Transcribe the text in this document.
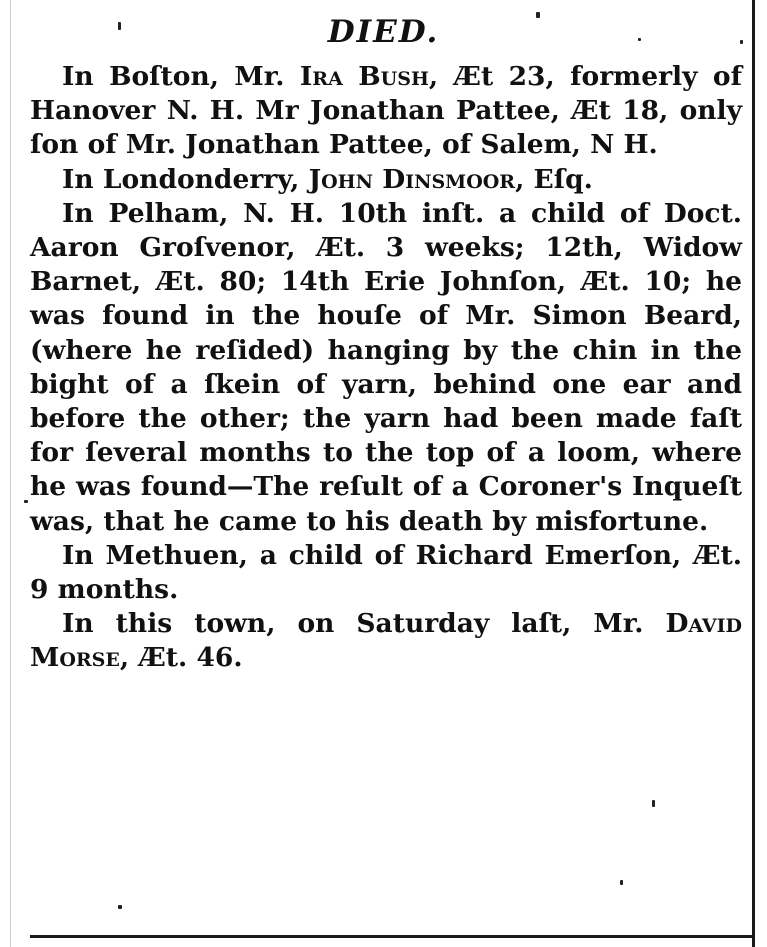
DIED.

In Boſton, Mr. Ira Bush, Æt 23, formerly of Hanover N. H. Mr Jonathan Pattee, Æt 18, only ſon of Mr. Jonathan Pattee, of Salem, N H.

In Londonderry, John Dinsmoor, Eſq.

In Pelham, N. H. 10th inſt. a child of Doct. Aaron Groſvenor, Æt. 3 weeks; 12th, Widow Barnet, Æt. 80; 14th Erie Johnſon, Æt. 10; he was found in the houſe of Mr. Simon Beard, (where he reſided) hanging by the chin in the bight of a ſkein of yarn, behind one ear and before the other; the yarn had been made faſt for ſeveral months to the top of a loom, where he was found—The reſult of a Coroner's Inqueſt was, that he came to his death by misfortune.

In Methuen, a child of Richard Emerſon, Æt. 9 months.

In this town, on Saturday laſt, Mr. David Morse, Æt. 46.
